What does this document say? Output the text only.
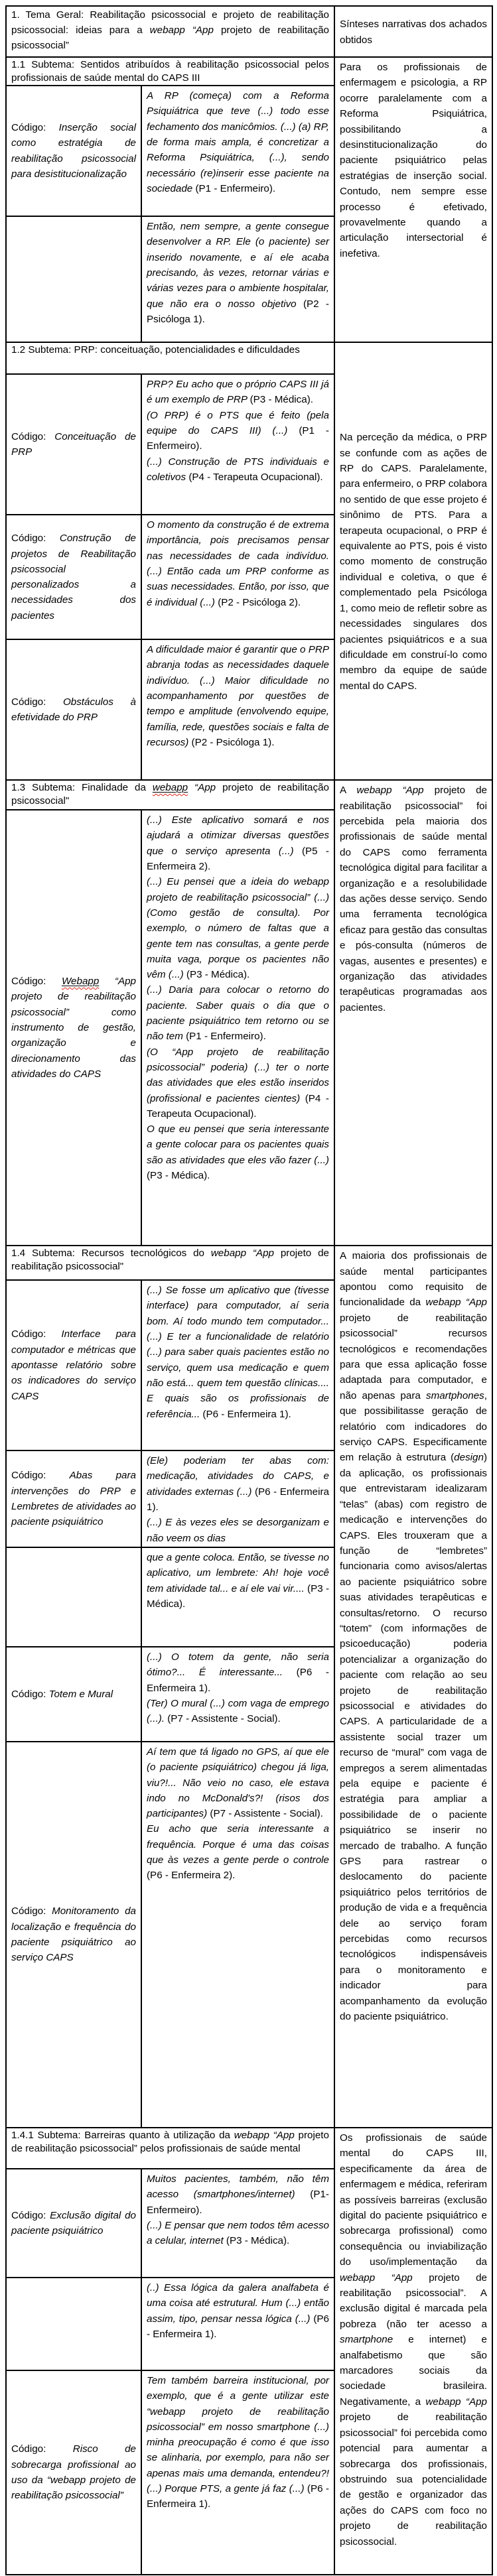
1. Tema Geral: Reabilitação psicossocial e projeto de reabilitação psicossocial: ideias para a webapp “App projeto de reabilitação psicossocial”		Sínteses narrativas dos achados obtidos
1.1 Subtema: Sentidos atribuídos à reabilitação psicossocial pelos profissionais de saúde mental do CAPS III		Para os profissionais de enfermagem e psicologia, a RP ocorre paralelamente com a Reforma Psiquiátrica, possibilitando a desinstitucionalização do paciente psiquiátrico pelas estratégias de inserção social. Contudo, nem sempre esse processo é efetivado, provavelmente quando a articulação intersectorial é inefetiva.
Código: Inserção social como estratégia de reabilitação psicossocial para desistitucionalização	A RP (começa) com a Reforma Psiquiátrica que teve (...) todo esse fechamento dos manicômios. (...) (a) RP, de forma mais ampla, é concretizar a Reforma Psiquiátrica, (...), sendo necessário (re)inserir esse paciente na sociedade (P1 - Enfermeiro).	
	Então, nem sempre, a gente consegue desenvolver a RP. Ele (o paciente) ser inserido novamente, e aí ele acaba precisando, às vezes, retornar várias e várias vezes para o ambiente hospitalar, que não era o nosso objetivo (P2 - Psicóloga 1).	
1.2 Subtema: PRP: conceituação, potencialidades e dificuldades		Na perceção da médica, o PRP se confunde com as ações de RP do CAPS. Paralelamente, para enfermeiro, o PRP colabora no sentido de que esse projeto é sinônimo de PTS. Para a terapeuta ocupacional, o PRP é equivalente ao PTS, pois é visto como momento de construção individual e coletiva, o que é complementado pela Psicóloga 1, como meio de refletir sobre as necessidades singulares dos pacientes psiquiátricos e a sua dificuldade em construí-lo como membro da equipe de saúde mental do CAPS.
Código: Conceituação de PRP	PRP? Eu acho que o próprio CAPS III já é um exemplo de PRP (P3 - Médica).
(O PRP) é o PTS que é feito (pela equipe do CAPS III) (...) (P1 - Enfermeiro).
(...) Construção de PTS individuais e coletivos (P4 - Terapeuta Ocupacional).	
Código: Construção de projetos de Reabilitação psicossocial personalizados a necessidades dos pacientes	O momento da construção é de extrema importância, pois precisamos pensar nas necessidades de cada indivíduo. (...) Então cada um PRP conforme as suas necessidades. Então, por isso, que é individual (...) (P2 - Psicóloga 2).	
Código: Obstáculos à efetividade do PRP	A dificuldade maior é garantir que o PRP abranja todas as necessidades daquele indivíduo. (...) Maior dificuldade no acompanhamento por questões de tempo e amplitude (envolvendo equipe, família, rede, questões sociais e falta de recursos) (P2 - Psicóloga 1).	
1.3 Subtema: Finalidade da webapp “App projeto de reabilitação psicossocial"		A webapp “App projeto de reabilitação psicossocial” foi percebida pela maioria dos profissionais de saúde mental do CAPS como ferramenta tecnológica digital para facilitar a organização e a resolubilidade das ações desse serviço. Sendo uma ferramenta tecnológica eficaz para gestão das consultas e pós-consulta (números de vagas, ausentes e presentes) e organização das atividades terapêuticas programadas aos pacientes.
Código: Webapp “App projeto de reabilitação psicossocial” como instrumento de gestão, organização e direcionamento das atividades do CAPS	(...) Este aplicativo somará e nos ajudará a otimizar diversas questões que o serviço apresenta (...) (P5 - Enfermeira 2).
(...) Eu pensei que a ideia do webapp projeto de reabilitação psicossocial” (...) (Como gestão de consulta). Por exemplo, o número de faltas que a gente tem nas consultas, a gente perde muita vaga, porque os pacientes não vêm (...) (P3 - Médica).
(...) Daria para colocar o retorno do paciente. Saber quais o dia que o paciente psiquiátrico tem retorno ou se não tem (P1 - Enfermeiro).
(O “App projeto de reabilitação psicossocial” poderia) (...) ter o norte das atividades que eles estão inseridos (profissional e pacientes cientes) (P4 - Terapeuta Ocupacional).
O que eu pensei que seria interessante a gente colocar para os pacientes quais são as atividades que eles vão fazer (...) (P3 - Médica).	
1.4 Subtema: Recursos tecnológicos do webapp “App projeto de reabilitação psicossocial"		A maioria dos profissionais de saúde mental participantes apontou como requisito de funcionalidade da webapp “App projeto de reabilitação psicossocial” recursos tecnológicos e recomendações para que essa aplicação fosse adaptada para computador, e não apenas para smartphones, que possibilitasse geração de relatório com indicadores do serviço CAPS. Especificamente em relação à estrutura (design) da aplicação, os profissionais que entrevistaram idealizaram “telas” (abas) com registro de medicação e intervenções do CAPS. Eles trouxeram que a função de “lembretes” funcionaria como avisos/alertas ao paciente psiquiátrico sobre suas atividades terapêuticas e consultas/retorno. O recurso “totem” (com informações de psicoeducação) poderia potencializar a organização do paciente com relação ao seu projeto de reabilitação psicossocial e atividades do CAPS. A particularidade de a assistente social trazer um recurso de “mural” com vaga de empregos a serem alimentadas pela equipe e paciente é estratégia para ampliar a possibilidade de o paciente psiquiátrico se inserir no mercado de trabalho. A função GPS para rastrear o deslocamento do paciente psiquiátrico pelos territórios de produção de vida e a frequência dele ao serviço foram percebidas como recursos tecnológicos indispensáveis para o monitoramento e indicador para acompanhamento da evolução do paciente psiquiátrico.
Código: Interface para computador e métricas que apontasse relatório sobre os indicadores do serviço CAPS	(...) Se fosse um aplicativo que (tivesse interface) para computador, aí seria bom. Aí todo mundo tem computador... (...) E ter a funcionalidade de relatório (...) para saber quais pacientes estão no serviço, quem usa medicação e quem não está... quem tem questão clínicas.... E quais são os profissionais de referência... (P6 - Enfermeira 1).	
Código: Abas para intervenções do PRP e Lembretes de atividades ao paciente psiquiátrico	(Ele) poderiam ter abas com: medicação, atividades do CAPS, e atividades externas (...) (P6 - Enfermeira 1).
(...) E às vezes eles se desorganizam e não veem os dias	
	que a gente coloca. Então, se tivesse no aplicativo, um lembrete: Ah! hoje você tem atividade tal... e aí ele vai vir.... (P3 - Médica).	
Código: Totem e Mural	(...) O totem da gente, não seria ótimo?... É interessante... (P6 - Enfermeira 1).
(Ter) O mural (...) com vaga de emprego (...). (P7 - Assistente - Social).	
Código: Monitoramento da localização e frequência do paciente psiquiátrico ao serviço CAPS	Aí tem que tá ligado no GPS, aí que ele (o paciente psiquiátrico) chegou já liga, viu?!... Não veio no caso, ele estava indo no McDonald's?! (risos dos participantes) (P7 - Assistente - Social).
Eu acho que seria interessante a frequência. Porque é uma das coisas que às vezes a gente perde o controle (P6 - Enfermeira 2).	
1.4.1 Subtema: Barreiras quanto à utilização da webapp “App projeto de reabilitação psicossocial” pelos profissionais de saúde mental		Os profissionais de saúde mental do CAPS III, especificamente da área de enfermagem e médica, referiram as possíveis barreiras (exclusão digital do paciente psiquiátrico e sobrecarga profissional) como consequência ou inviabilização do uso/implementação da webapp “App projeto de reabilitação psicossocial”. A exclusão digital é marcada pela pobreza (não ter acesso a smartphone e internet) e analfabetismo que são marcadores sociais da sociedade brasileira. Negativamente, a webapp “App projeto de reabilitação psicossocial” foi percebida como potencial para aumentar a sobrecarga dos profissionais, obstruindo sua potencialidade de gestão e organizador das ações do CAPS com foco no projeto de reabilitação psicossocial.
Código: Exclusão digital do paciente psiquiátrico	Muitos pacientes, também, não têm acesso (smartphones/internet) (P1- Enfermeiro).
(...) E pensar que nem todos têm acesso a celular, internet (P3 - Médica).	
	(..) Essa lógica da galera analfabeta é uma coisa até estrutural. Hum (...) então assim, tipo, pensar nessa lógica (...) (P6 - Enfermeira 1).	
Código: Risco de sobrecarga profissional ao uso da “webapp projeto de reabilitação psicossocial”	Tem também barreira institucional, por exemplo, que é a gente utilizar este “webapp projeto de reabilitação psicossocial” em nosso smartphone (...) minha preocupação é como é que isso se alinharia, por exemplo, para não ser apenas mais uma demanda, entendeu?! (...) Porque PTS, a gente já faz (...) (P6 - Enfermeira 1).	
